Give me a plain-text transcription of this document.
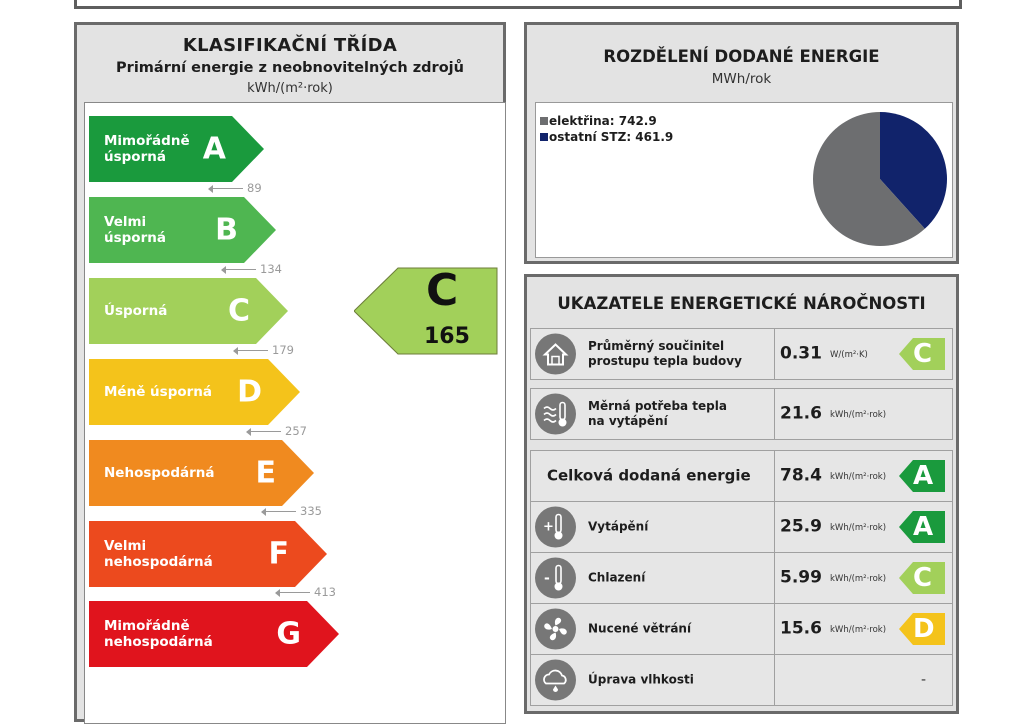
KLASIFIKAČNÍ TŘÍDA
Primární energie z neobnovitelných zdrojů
kWh/(m²·rok)
Mimořádně
úsporná	A
89
Velmi
úsporná B
134
Úsporná C
179
Méně úsporná D
257
Nehospodárná E
335
Velmi
nehospodárná F
413
Mimořádně
nehospodárná G
C
165
ROZDĚLENÍ DODANÉ ENERGIE
MWh/rok
elektřina: 742.9
ostatní STZ: 461.9
UKAZATELE ENERGETICKÉ NÁROČNOSTI
Průměrný součinitel
prostupu tepla budovy 0.31 W/(m²·K) C
Měrná potřeba tepla
na vytápění	21.6 kWh/(m²·rok)
Celková dodaná energie 78.4 kWh/(m²·rok) A
+	Vytápění	25.9 kWh/(m²·rok) A
-	Chlazení	5.99 kWh/(m²·rok) C
Nucené větrání	15.6 kWh/(m²·rok) D
Úprava vlhkosti	-
